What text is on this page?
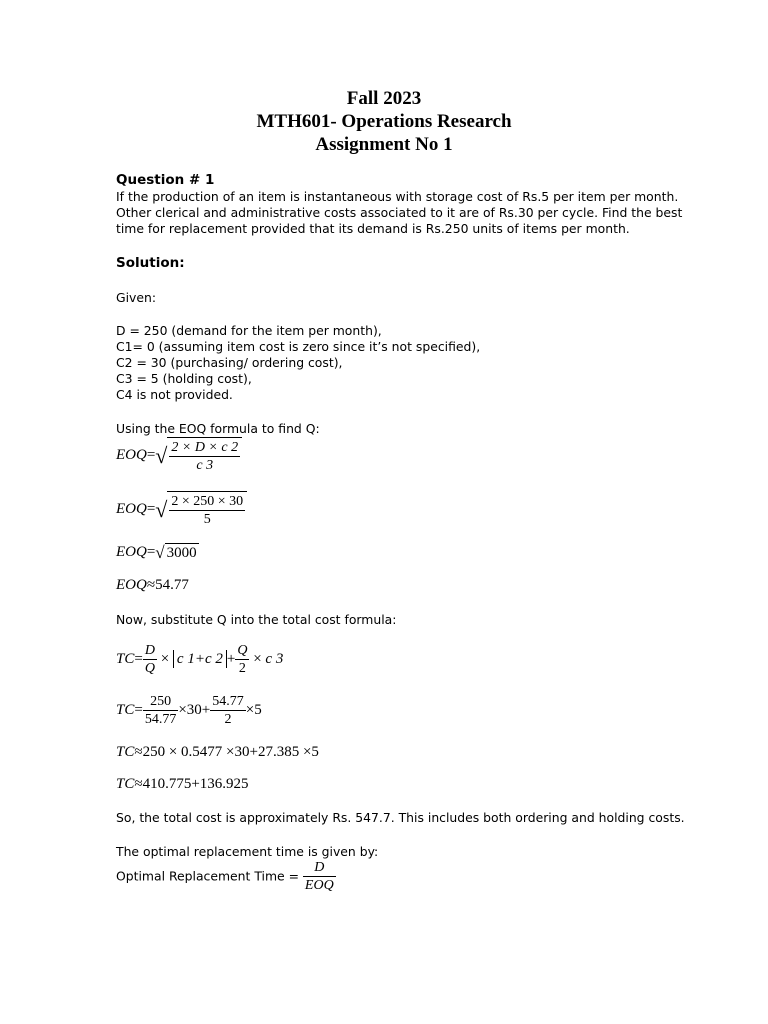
Fall 2023
MTH601- Operations Research
Assignment No 1
Question # 1
If the production of an item is instantaneous with storage cost of Rs.5 per item per month.
Other clerical and administrative costs associated to it are of Rs.30 per cycle. Find the best
time for replacement provided that its demand is Rs.250 units of items per month.
Solution:
Given:
D = 250 (demand for the item per month),
C1= 0 (assuming item cost is zero since it’s not specified),
C2 = 30 (purchasing/ ordering cost),
C3 = 5 (holding cost),
C4 is not provided.
Using the EOQ formula to find Q:
$EOQ=√ \frac{2 \times D \times c 2}{c 3}$
$EOQ=√ \frac{2 \times 250 \times 30}{5}$
EOQ=√ 3000
EOQ≈54.77
Now, substitute Q into the total cost formula:
$TC= \frac{D}{Q} \times c$ 1+c $2 + \frac{Q}{2} \times c$ 3
$TC= \frac{250}{54.77} \times 30+ \frac{54.77}{2} \times 5$
TC≈250 × 0.5477 ×30+27.385 ×5
TC≈410.775+136.925
So, the total cost is approximately Rs. 547.7. This includes both ordering and holding costs.
The optimal replacement time is given by:
Optimal Replacement Time = $\frac{D}{\text{EOQ}}$
